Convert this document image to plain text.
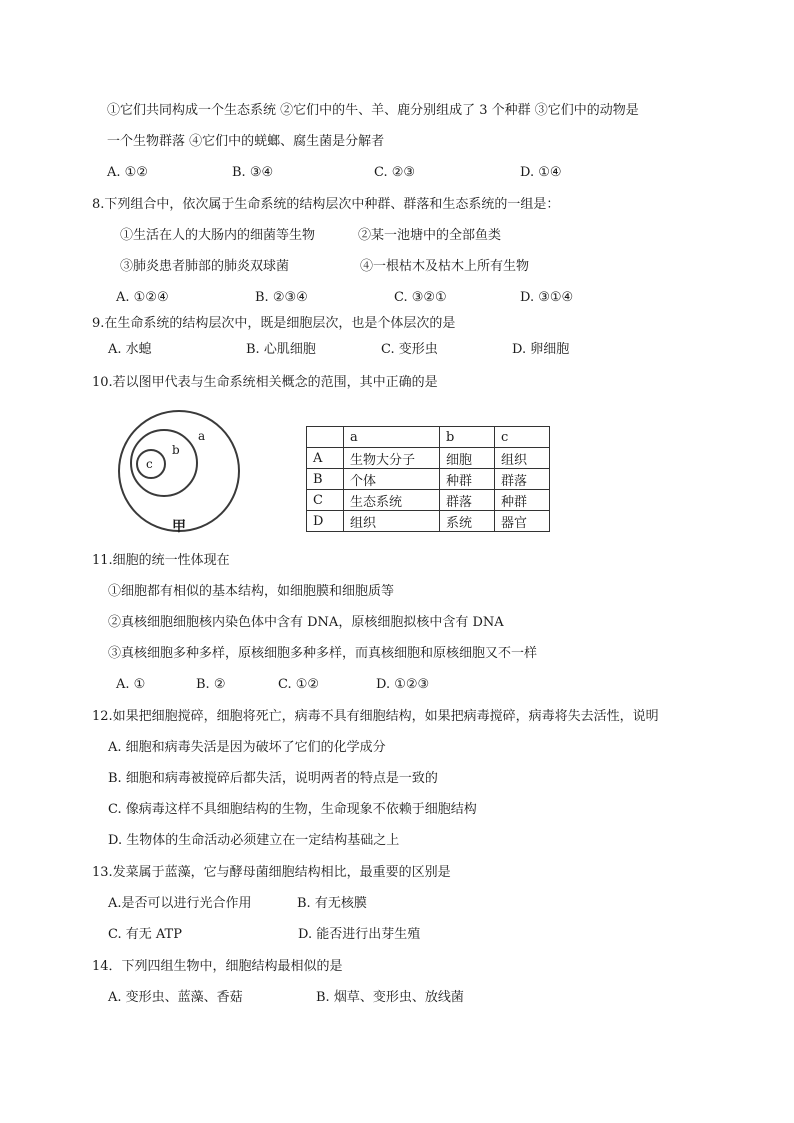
①它们共同构成一个生态系统 ②它们中的牛、羊、鹿分别组成了 3 个种群 ③它们中的动物是
一个生物群落 ④它们中的蜣螂、腐生菌是分解者
A. ①②	B. ③④	C. ②③	D. ①④
8.下列组合中，依次属于生命系统的结构层次中种群、群落和生态系统的一组是：
①生活在人的大肠内的细菌等生物	②某一池塘中的全部鱼类
③肺炎患者肺部的肺炎双球菌	④一根枯木及枯木上所有生物
A. ①②④	B. ②③④	C. ③②①	D. ③①④
9.在生命系统的结构层次中，既是细胞层次，也是个体层次的是
A. 水螅	B. 心肌细胞	C. 变形虫	D. 卵细胞
10.若以图甲代表与生命系统相关概念的范围，其中正确的是
a
b
c
甲
	a	b	c
A	生物大分子	细胞	组织
B	个体	种群	群落
C	生态系统	群落	种群
D	组织	系统	器官
11.细胞的统一性体现在
①细胞都有相似的基本结构，如细胞膜和细胞质等
②真核细胞细胞核内染色体中含有 DNA，原核细胞拟核中含有 DNA
③真核细胞多种多样，原核细胞多种多样，而真核细胞和原核细胞又不一样
A. ①	B. ②	C. ①②	D. ①②③
12.如果把细胞搅碎，细胞将死亡，病毒不具有细胞结构，如果把病毒搅碎，病毒将失去活性，说明
A. 细胞和病毒失活是因为破坏了它们的化学成分
B. 细胞和病毒被搅碎后都失活，说明两者的特点是一致的
C. 像病毒这样不具细胞结构的生物，生命现象不依赖于细胞结构
D. 生物体的生命活动必须建立在一定结构基础之上
13.发菜属于蓝藻，它与酵母菌细胞结构相比，最重要的区别是
A.是否可以进行光合作用	B. 有无核膜
C. 有无 ATP	D. 能否进行出芽生殖
14．下列四组生物中，细胞结构最相似的是
A. 变形虫、蓝藻、香菇	B. 烟草、变形虫、放线菌
